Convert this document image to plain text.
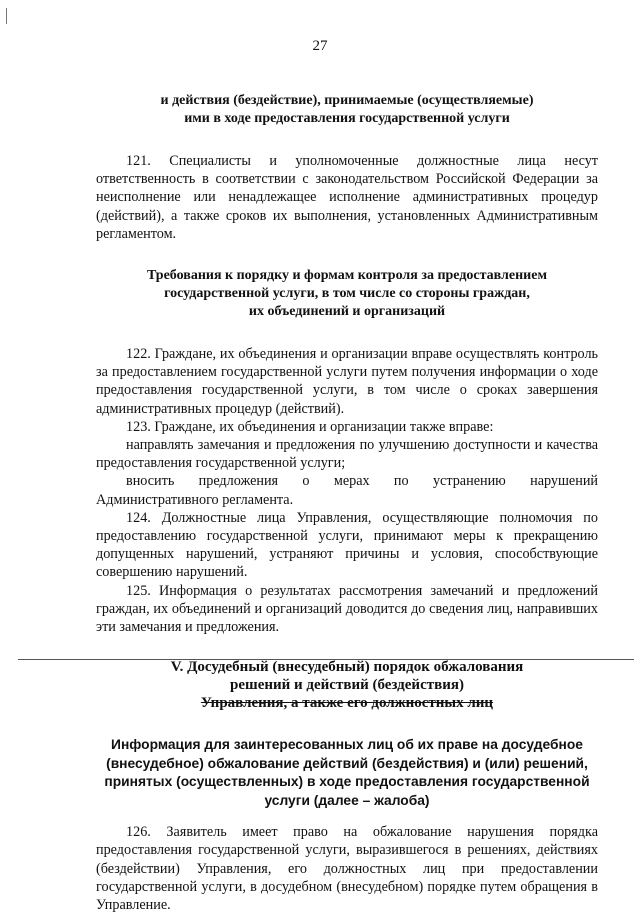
27
и действия (бездействие), принимаемые (осуществляемые)
ими в ходе предоставления государственной услуги

121. Специалисты и уполномоченные должностные лица несут ответственность в соответствии с законодательством Российской Федерации за неисполнение или ненадлежащее исполнение административных процедур (действий), а также сроков их выполнения, установленных Административным регламентом.

Требования к порядку и формам контроля за предоставлением
государственной услуги, в том числе со стороны граждан,
их объединений и организаций

122. Граждане, их объединения и организации вправе осуществлять контроль за предоставлением государственной услуги путем получения информации о ходе предоставления государственной услуги, в том числе о сроках завершения административных процедур (действий).

123. Граждане, их объединения и организации также вправе:

направлять замечания и предложения по улучшению доступности и качества предоставления государственной услуги;

вносить предложения о мерах по устранению нарушений Административного регламента.

124. Должностные лица Управления, осуществляющие полномочия по предоставлению государственной услуги, принимают меры к прекращению допущенных нарушений, устраняют причины и условия, способствующие совершению нарушений.

125. Информация о результатах рассмотрения замечаний и предложений граждан, их объединений и организаций доводится до сведения лиц, направивших эти замечания и предложения.

V. Досудебный (внесудебный) порядок обжалования
решений и действий (бездействия)
Управления, а также его должностных лиц
Информация для заинтересованных лиц об их праве на досудебное
(внесудебное) обжалование действий (бездействия) и (или) решений,
принятых (осуществленных) в ходе предоставления государственной
услуги (далее – жалоба)

126. Заявитель имеет право на обжалование нарушения порядка предоставления государственной услуги, выразившегося в решениях, действиях (бездействии) Управления, его должностных лиц при предоставлении государственной услуги, в досудебном (внесудебном) порядке путем обращения в Управление.
